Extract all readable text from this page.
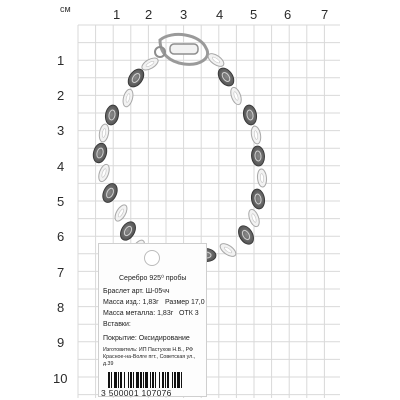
см	1 2 3 4 5 6 7
1
2
3
4
5
6
7
8
9
10
Серебро 925⁰ пробы
Браслет арт. Ш-05чч
Масса изд.: 1,83г Размер 17,0
Масса металла: 1,83г ОТК 3
Вставки:
Покрытие: Оксидирование
Изготовитель: ИП Пастухов Н.В., РФ
Красное-на-Волге пгт., Советская ул.,
д.39
3 500001 107076
